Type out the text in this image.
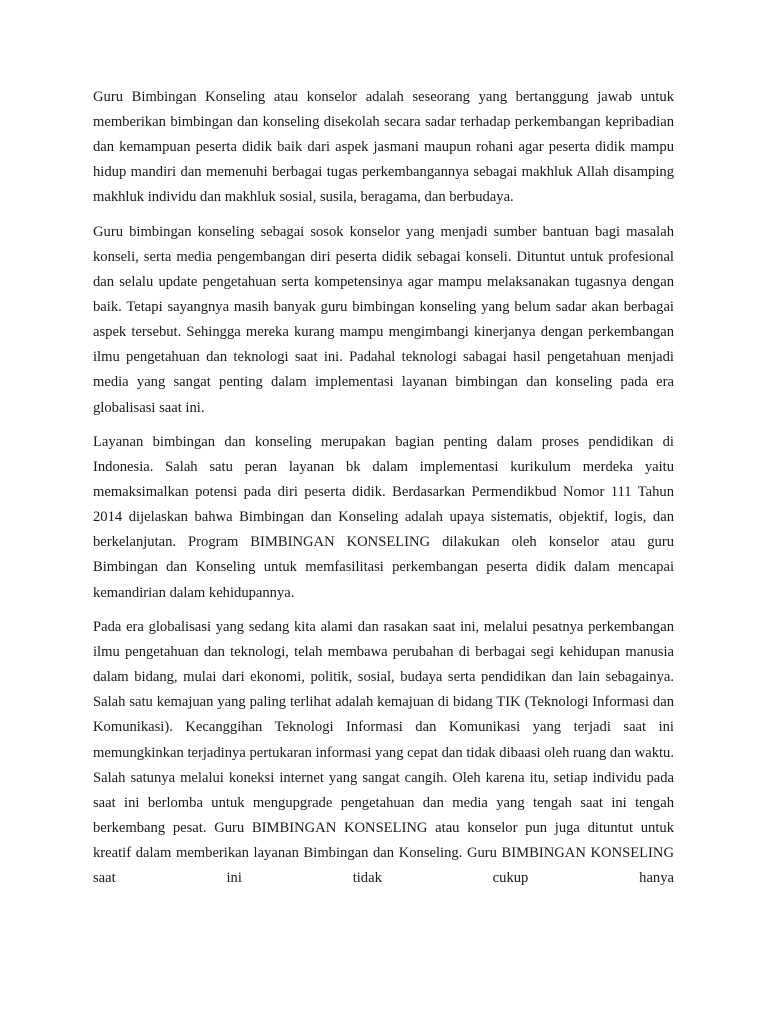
Guru Bimbingan Konseling atau konselor adalah seseorang yang bertanggung jawab untuk memberikan bimbingan dan konseling disekolah secara sadar terhadap perkembangan kepribadian dan kemampuan peserta didik baik dari aspek jasmani maupun rohani agar peserta didik mampu hidup mandiri dan memenuhi berbagai tugas perkembangannya sebagai makhluk Allah disamping makhluk individu dan makhluk sosial, susila, beragama, dan berbudaya.

Guru bimbingan konseling sebagai sosok konselor yang menjadi sumber bantuan bagi masalah konseli, serta media pengembangan diri peserta didik sebagai konseli. Dituntut untuk profesional dan selalu update pengetahuan serta kompetensinya agar mampu melaksanakan tugasnya dengan baik. Tetapi sayangnya masih banyak guru bimbingan konseling yang belum sadar akan berbagai aspek tersebut. Sehingga mereka kurang mampu mengimbangi kinerjanya dengan perkembangan ilmu pengetahuan dan teknologi saat ini. Padahal teknologi sabagai hasil pengetahuan menjadi media yang sangat penting dalam implementasi layanan bimbingan dan konseling pada era globalisasi saat ini.

Layanan bimbingan dan konseling merupakan bagian penting dalam proses pendidikan di Indonesia. Salah satu peran layanan bk dalam implementasi kurikulum merdeka yaitu memaksimalkan potensi pada diri peserta didik. Berdasarkan Permendikbud Nomor 111 Tahun 2014 dijelaskan bahwa Bimbingan dan Konseling adalah upaya sistematis, objektif, logis, dan berkelanjutan. Program BIMBINGAN KONSELING dilakukan oleh konselor atau guru Bimbingan dan Konseling untuk memfasilitasi perkembangan peserta didik dalam mencapai kemandirian dalam kehidupannya.

Pada era globalisasi yang sedang kita alami dan rasakan saat ini, melalui pesatnya perkembangan ilmu pengetahuan dan teknologi, telah membawa perubahan di berbagai segi kehidupan manusia dalam bidang, mulai dari ekonomi, politik, sosial, budaya serta pendidikan dan lain sebagainya. Salah satu kemajuan yang paling terlihat adalah kemajuan di bidang TIK (Teknologi Informasi dan Komunikasi). Kecanggihan Teknologi Informasi dan Komunikasi yang terjadi saat ini memungkinkan terjadinya pertukaran informasi yang cepat dan tidak dibaasi oleh ruang dan waktu. Salah satunya melalui koneksi internet yang sangat cangih. Oleh karena itu, setiap individu pada saat ini berlomba untuk mengupgrade pengetahuan dan media yang tengah saat ini tengah berkembang pesat. Guru BIMBINGAN KONSELING atau konselor pun juga dituntut untuk kreatif dalam memberikan layanan Bimbingan dan Konseling. Guru BIMBINGAN KONSELING saat ini tidak cukup hanya
